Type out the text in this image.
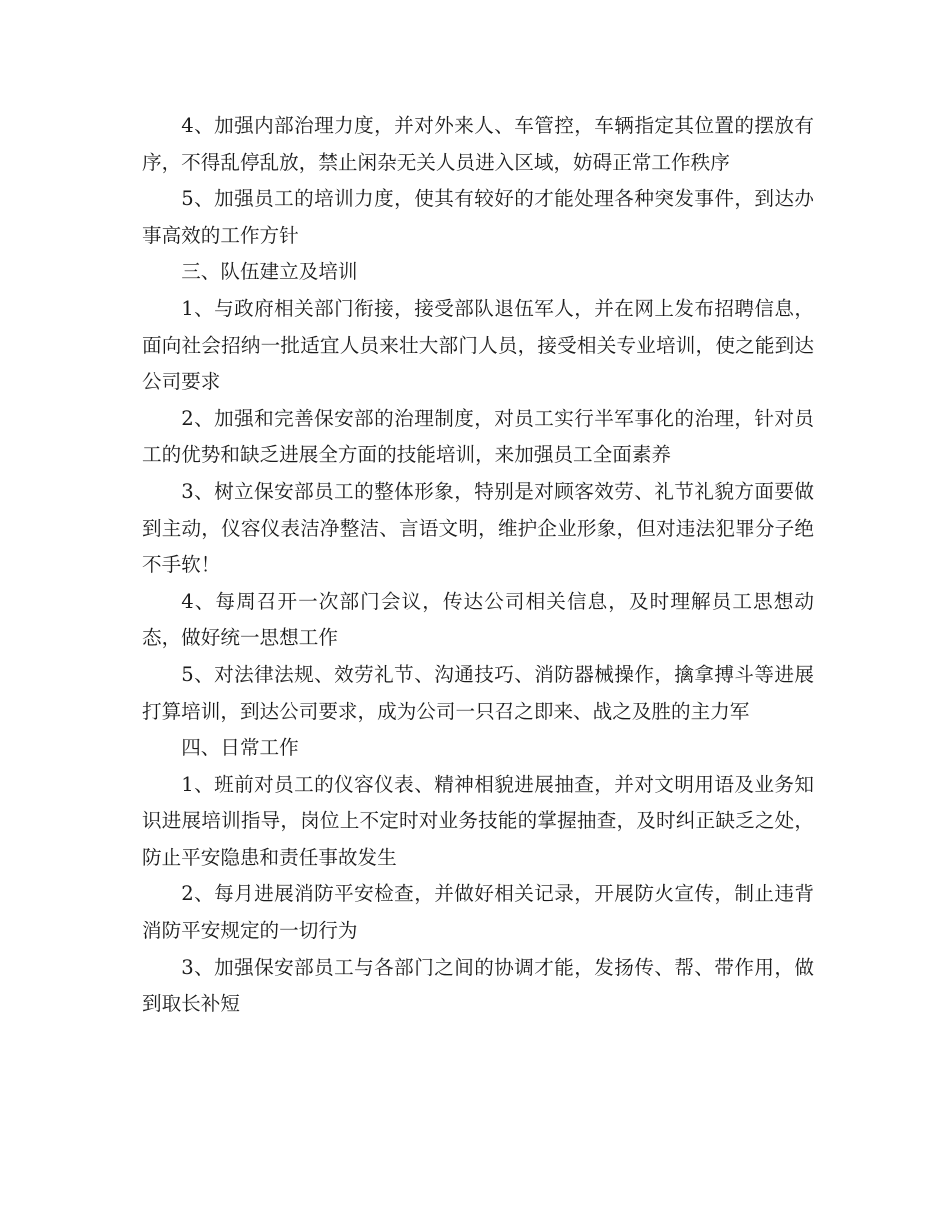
4、加强内部治理力度，并对外来人、车管控，车辆指定其位置的摆放有序，不得乱停乱放，禁止闲杂无关人员进入区域，妨碍正常工作秩序

5、加强员工的培训力度，使其有较好的才能处理各种突发事件，到达办事高效的工作方针

三、队伍建立及培训

1、与政府相关部门衔接，接受部队退伍军人，并在网上发布招聘信息，面向社会招纳一批适宜人员来壮大部门人员，接受相关专业培训，使之能到达公司要求

2、加强和完善保安部的治理制度，对员工实行半军事化的治理，针对员工的优势和缺乏进展全方面的技能培训，来加强员工全面素养

3、树立保安部员工的整体形象，特别是对顾客效劳、礼节礼貌方面要做到主动，仪容仪表洁净整洁、言语文明，维护企业形象，但对违法犯罪分子绝不手软！

4、每周召开一次部门会议，传达公司相关信息，及时理解员工思想动态，做好统一思想工作

5、对法律法规、效劳礼节、沟通技巧、消防器械操作，擒拿搏斗等进展打算培训，到达公司要求，成为公司一只召之即来、战之及胜的主力军

四、日常工作

1、班前对员工的仪容仪表、精神相貌进展抽查，并对文明用语及业务知识进展培训指导，岗位上不定时对业务技能的掌握抽查，及时纠正缺乏之处，防止平安隐患和责任事故发生

2、每月进展消防平安检查，并做好相关记录，开展防火宣传，制止违背消防平安规定的一切行为

3、加强保安部员工与各部门之间的协调才能，发扬传、帮、带作用，做到取长补短
